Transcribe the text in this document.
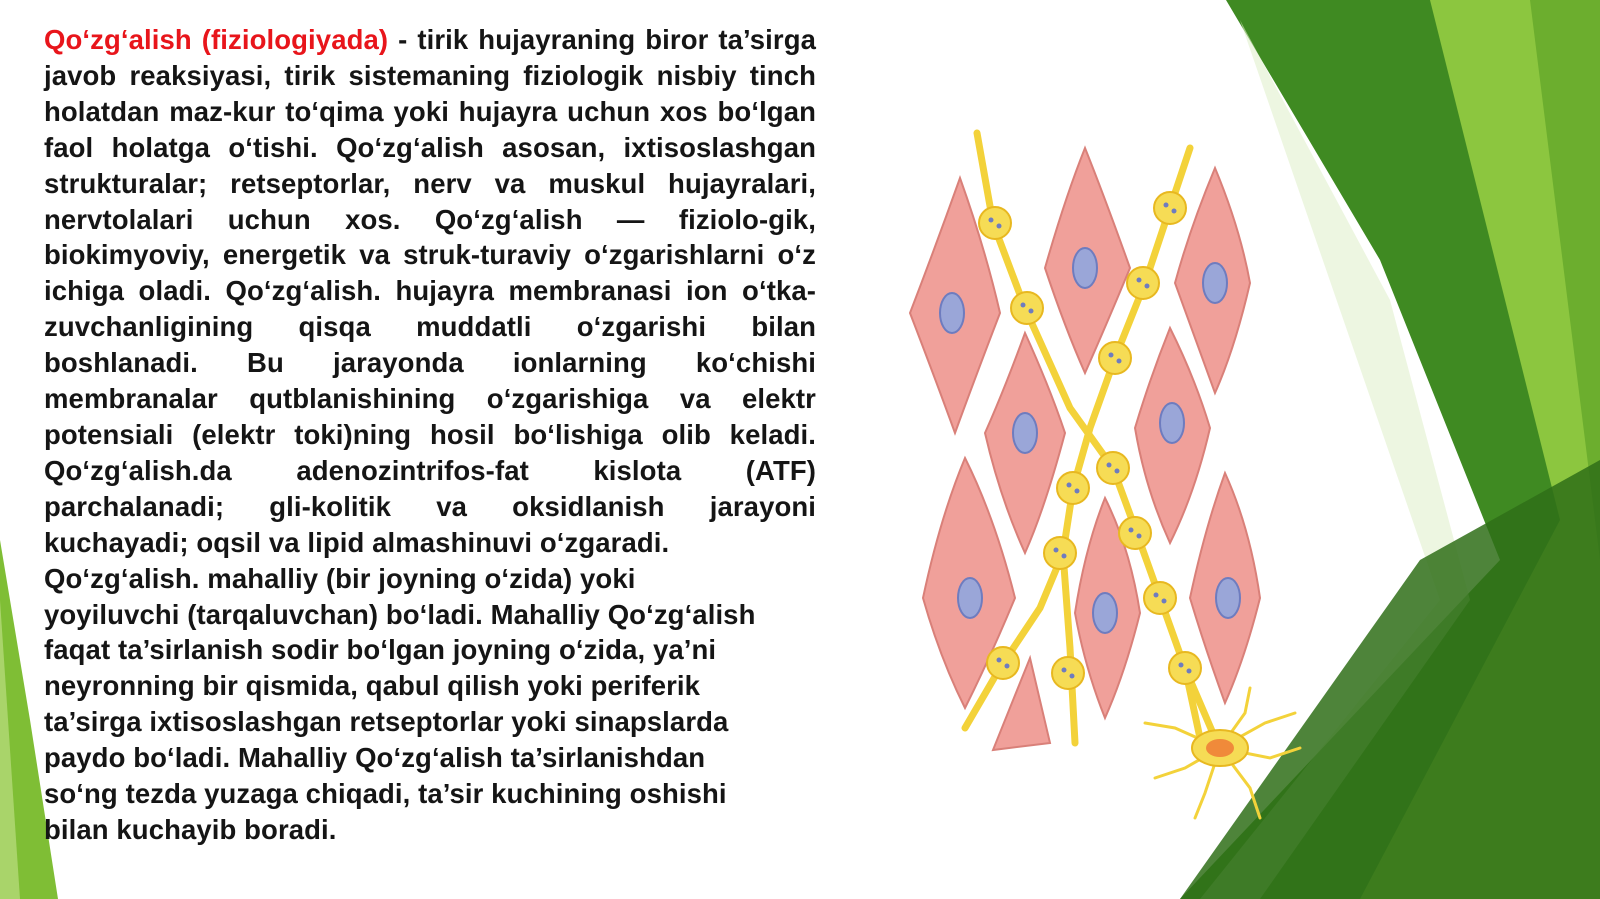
Qo‘zg‘alish (fiziologiyada) - tirik hujayraning biror ta’sirga javob reaksiyasi, tirik sistemaning fiziologik nisbiy tinch holatdan maz-kur to‘qima yoki hujayra uchun xos bo‘lgan faol holatga o‘tishi. Qo‘zg‘alish asosan, ixtisoslashgan strukturalar; retseptorlar, nerv va muskul hujayralari, nervtolalari uchun xos. Qo‘zg‘alish — fiziolo-gik, biokimyoviy, energetik va struk-turaviy o‘zgarishlarni o‘z ichiga oladi. Qo‘zg‘alish. hujayra membranasi ion o‘tka-zuvchanligining qisqa muddatli o‘zgarishi bilan boshlanadi. Bu jarayonda ionlarning ko‘chishi membranalar qutblanishining o‘zgarishiga va elektr potensiali (elektr toki)ning hosil bo‘lishiga olib keladi. Qo‘zg‘alish.da adenozintrifos-fat kislota (ATF) parchalanadi; gli-kolitik va oksidlanish jarayoni kuchayadi; oqsil va lipid almashinuvi o‘zgaradi.

Qo‘zg‘alish. mahalliy (bir joyning o‘zida) yoki
yoyiluvchi (tarqaluvchan) bo‘ladi. Mahalliy Qo‘zg‘alish
faqat ta’sirlanish sodir bo‘lgan joyning o‘zida, ya’ni
neyronning bir qismida, qabul qilish yoki periferik
ta’sirga ixtisoslashgan retseptorlar yoki sinapslarda
paydo bo‘ladi. Mahalliy Qo‘zg‘alish ta’sirlanishdan
so‘ng tezda yuzaga chiqadi, ta’sir kuchining oshishi
bilan kuchayib boradi.
